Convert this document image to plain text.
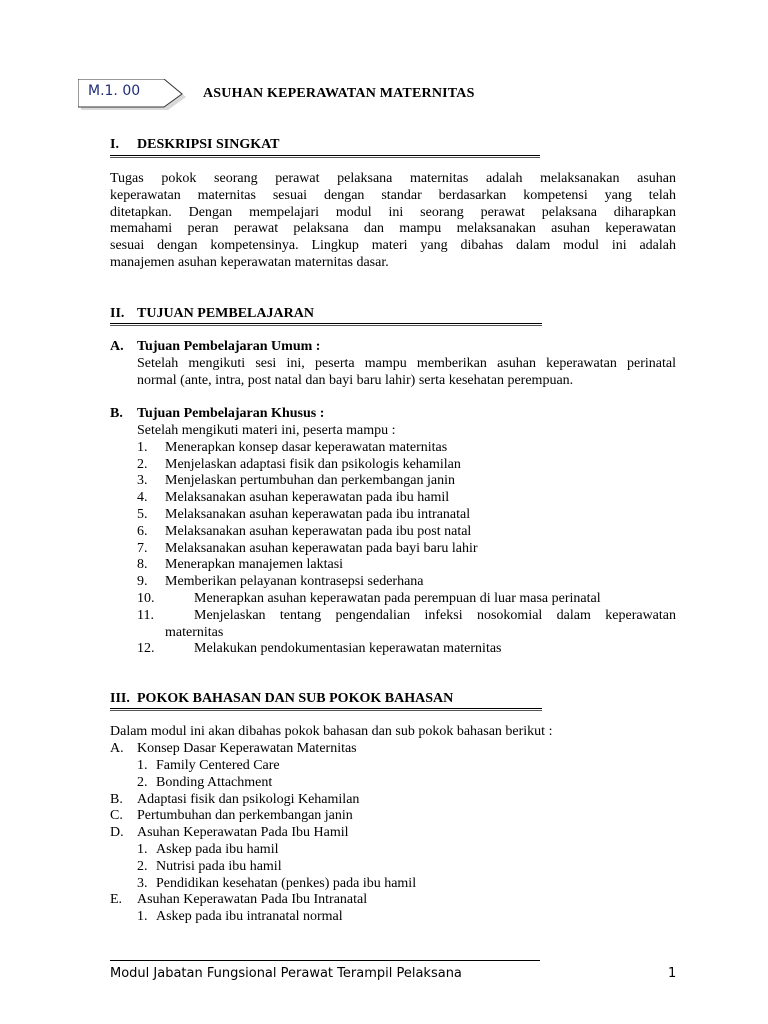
M.1. 00	ASUHAN KEPERAWATAN MATERNITAS
I. DESKRIPSI SINGKAT
Tugas pokok seorang perawat pelaksana maternitas adalah melaksanakan asuhan
keperawatan maternitas sesuai dengan standar berdasarkan kompetensi yang telah
ditetapkan. Dengan mempelajari modul ini seorang perawat pelaksana diharapkan
memahami peran perawat pelaksana dan mampu melaksanakan asuhan keperawatan
sesuai dengan kompetensinya. Lingkup materi yang dibahas dalam modul ini adalah
manajemen asuhan keperawatan maternitas dasar.
II. TUJUAN PEMBELAJARAN
A. Tujuan Pembelajaran Umum :
Setelah mengikuti sesi ini, peserta mampu memberikan asuhan keperawatan perinatal
normal (ante, intra, post natal dan bayi baru lahir) serta kesehatan perempuan.
B. Tujuan Pembelajaran Khusus :
Setelah mengikuti materi ini, peserta mampu :
1. Menerapkan konsep dasar keperawatan maternitas
2. Menjelaskan adaptasi fisik dan psikologis kehamilan
3. Menjelaskan pertumbuhan dan perkembangan janin
4. Melaksanakan asuhan keperawatan pada ibu hamil
5. Melaksanakan asuhan keperawatan pada ibu intranatal
6. Melaksanakan asuhan keperawatan pada ibu post natal
7. Melaksanakan asuhan keperawatan pada bayi baru lahir
8. Menerapkan manajemen laktasi
9. Memberikan pelayanan kontrasepsi sederhana
10.	Menerapkan asuhan keperawatan pada perempuan di luar masa perinatal
11.	Menjelaskan tentang pengendalian infeksi nosokomial dalam keperawatan
maternitas
12.	Melakukan pendokumentasian keperawatan maternitas
III. POKOK BAHASAN DAN SUB POKOK BAHASAN
Dalam modul ini akan dibahas pokok bahasan dan sub pokok bahasan berikut :
A. Konsep Dasar Keperawatan Maternitas
1. Family Centered Care
2. Bonding Attachment
B. Adaptasi fisik dan psikologi Kehamilan
C. Pertumbuhan dan perkembangan janin
D. Asuhan Keperawatan Pada Ibu Hamil
1. Askep pada ibu hamil
2. Nutrisi pada ibu hamil
3. Pendidikan kesehatan (penkes) pada ibu hamil
E. Asuhan Keperawatan Pada Ibu Intranatal
1. Askep pada ibu intranatal normal
Modul Jabatan Fungsional Perawat Terampil Pelaksana	1
